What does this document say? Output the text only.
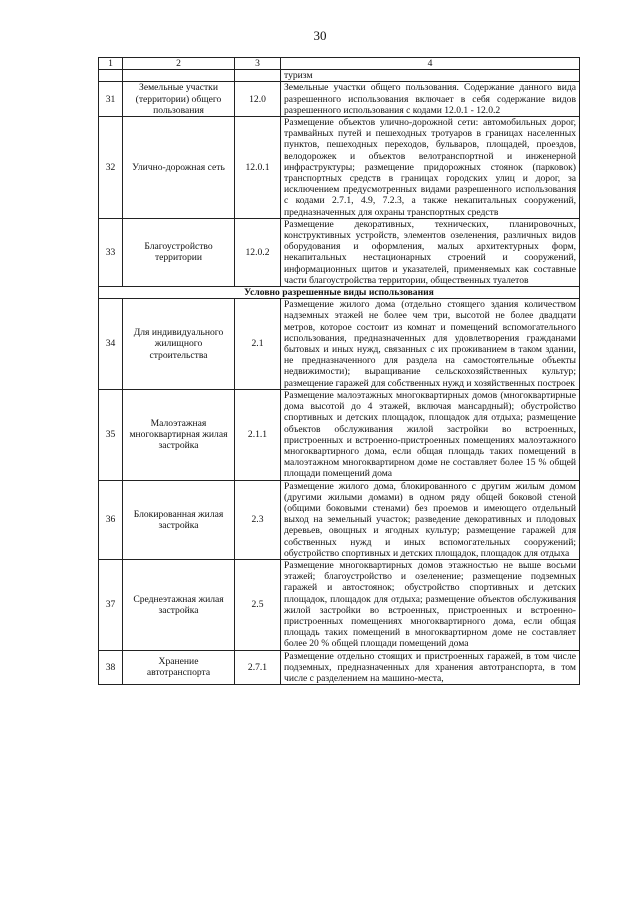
30
1	2	3	4
			туризм
31	Земельные участки (территории) общего пользования	12.0	Земельные участки общего пользования. Содержание данного вида разрешенного использования включает в себя содержание видов разрешенного использования с кодами 12.0.1 - 12.0.2
32	Улично-дорожная сеть	12.0.1	Размещение объектов улично-дорожной сети: автомобильных дорог, трамвайных путей и пешеходных тротуаров в границах населенных пунктов, пешеходных переходов, бульваров, площадей, проездов, велодорожек и объектов велотранспортной и инженерной инфраструктуры; размещение придорожных стоянок (парковок) транспортных средств в границах городских улиц и дорог, за исключением предусмотренных видами разрешенного использования с кодами 2.7.1, 4.9, 7.2.3, а также некапитальных сооружений, предназначенных для охраны транспортных средств
33	Благоустройство территории	12.0.2	Размещение декоративных, технических, планировочных, конструктивных устройств, элементов озеленения, различных видов оборудования и оформления, малых архитектурных форм, некапитальных нестационарных строений и сооружений, информационных щитов и указателей, применяемых как составные части благоустройства территории, общественных туалетов
Условно разрешенные виды использования			
34	Для индивидуального жилищного строительства	2.1	Размещение жилого дома (отдельно стоящего здания количеством надземных этажей не более чем три, высотой не более двадцати метров, которое состоит из комнат и помещений вспомогательного использования, предназначенных для удовлетворения гражданами бытовых и иных нужд, связанных с их проживанием в таком здании, не предназначенного для раздела на самостоятельные объекты недвижимости); выращивание сельскохозяйственных культур; размещение гаражей для собственных нужд и хозяйственных построек
35	Малоэтажная многоквартирная жилая застройка	2.1.1	Размещение малоэтажных многоквартирных домов (многоквартирные дома высотой до 4 этажей, включая мансардный); обустройство спортивных и детских площадок, площадок для отдыха; размещение объектов обслуживания жилой застройки во встроенных, пристроенных и встроенно-пристроенных помещениях малоэтажного многоквартирного дома, если общая площадь таких помещений в малоэтажном многоквартирном доме не составляет более 15 % общей площади помещений дома
36	Блокированная жилая застройка	2.3	Размещение жилого дома, блокированного с другим жилым домом (другими жилыми домами) в одном ряду общей боковой стеной (общими боковыми стенами) без проемов и имеющего отдельный выход на земельный участок; разведение декоративных и плодовых деревьев, овощных и ягодных культур; размещение гаражей для собственных нужд и иных вспомогательных сооружений; обустройство спортивных и детских площадок, площадок для отдыха
37	Среднеэтажная жилая застройка	2.5	Размещение многоквартирных домов этажностью не выше восьми этажей; благоустройство и озеленение; размещение подземных гаражей и автостоянок; обустройство спортивных и детских площадок, площадок для отдыха; размещение объектов обслуживания жилой застройки во встроенных, пристроенных и встроенно-пристроенных помещениях многоквартирного дома, если общая площадь таких помещений в многоквартирном доме не составляет более 20 % общей площади помещений дома
38	Хранение автотранспорта	2.7.1	Размещение отдельно стоящих и пристроенных гаражей, в том числе подземных, предназначенных для хранения автотранспорта, в том числе с разделением на машино-места,
